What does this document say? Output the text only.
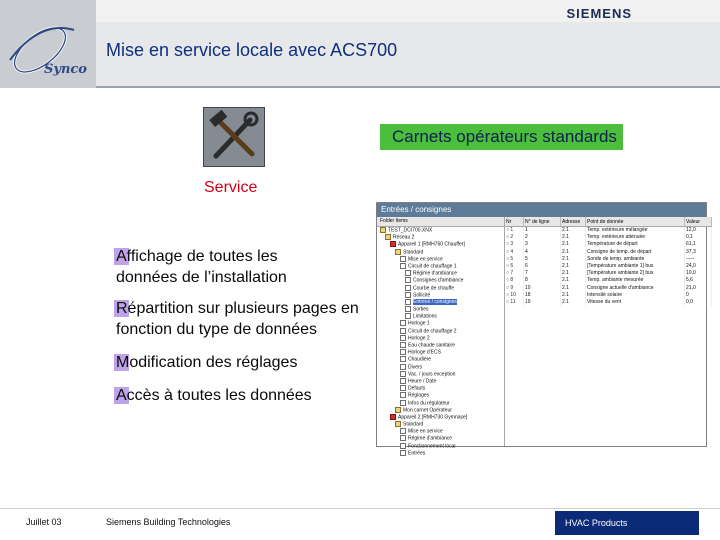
SIEMENS
Synco
Mise en service locale avec ACS700
Carnets opérateurs standards
Service
Affichage de toutes les données de l’installation
Répartition sur plusieurs pages en fonction du type de données
Modification des réglages
Accès à toutes les données
Entrées / consignes
Folder Items
TEST_DCI700.XNX
Réseau 2
Appareil 1 [RMH760 Chauffer]
Standard
Mise en service
Circuit de chauffage 1
Régime d'ambiance
Consignes d'ambiance
Courbe de chauffe
Sollicité
Entrées / consignes
Sorties
Limitations
Horloge 1
Circuit de chauffage 2
Horloge 2
Eau chaude sanitaire
Horloge d'ECS
Chaudière
Divers
Vac. / jours exception
Heure / Date
Défauts
Réglages
Infos du régulateur
Mon carnet Opérateur
Appareil 2 [RMH730 Gymnase]
Standard
Mise en service
Régime d'ambiance
Fonctionnement local
Entrées
Nr	N° de ligne	Adresse	Point de donnée	Valeur
○ 1	1	2.1	Temp. extérieure mélangée	12,0
○ 2	2	2.1	Temp. extérieure atténuée	0,1
○ 3	3	2.1	Température de départ	61,1
○ 4	4	2.1	Consigne de temp. de départ	37,3
○ 5	5	2.1	Sonde de temp. ambiante	-----
○ 6	6	2.1	[Température ambiante 1] bus	24,0
○ 7	7	2.1	[Température ambiante 2] bus	10,0
○ 8	8	2.1	Temp. ambiante mesurée	5,6
○ 9	10	2.1	Consigne actuelle d'ambiance	21,0
○ 10	18	2.1	Intensité solaire	0
○ 11	19	2.1	Vitesse du vent	0,0
Juillet 03	Siemens Building Technologies	HVAC Products
